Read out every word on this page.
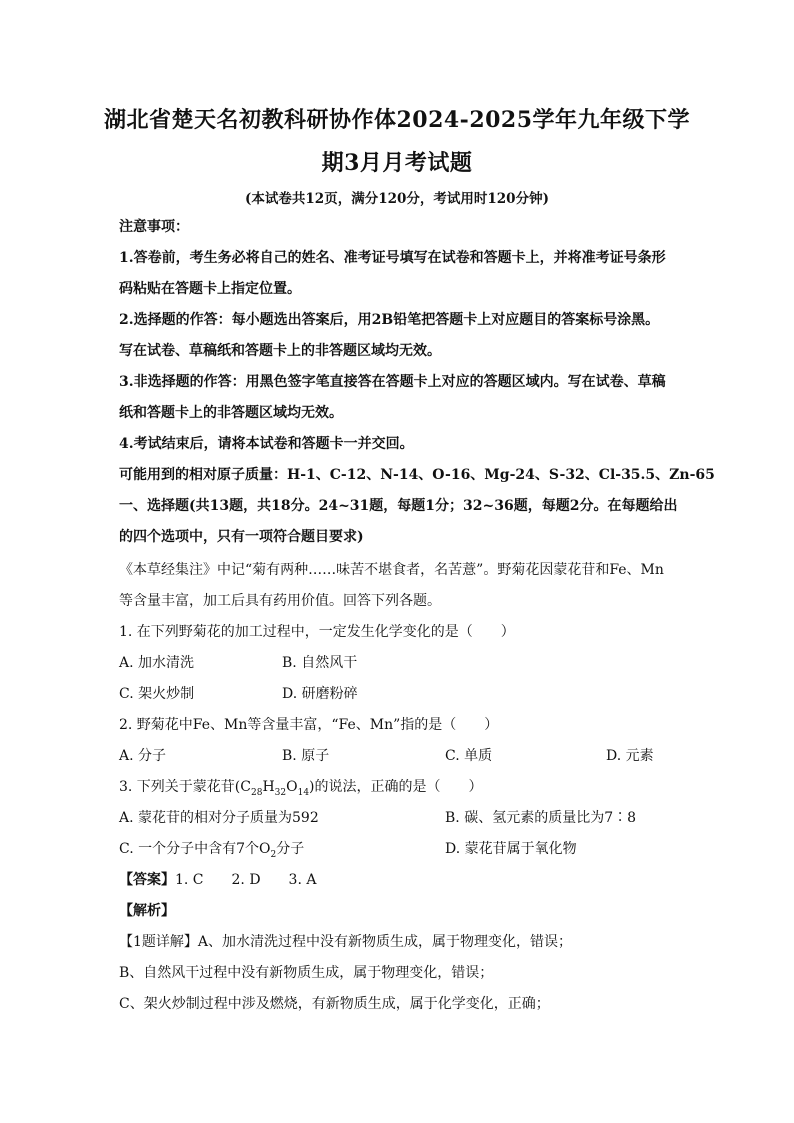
湖北省楚天名初教科研协作体2024-2025学年九年级下学
期3月月考试题
(本试卷共12页，满分120分，考试用时120分钟)
注意事项：
1.答卷前，考生务必将自己的姓名、准考证号填写在试卷和答题卡上，并将准考证号条形
码粘贴在答题卡上指定位置。
2.选择题的作答：每小题选出答案后，用2B铅笔把答题卡上对应题目的答案标号涂黑。
写在试卷、草稿纸和答题卡上的非答题区域均无效。
3.非选择题的作答：用黑色签字笔直接答在答题卡上对应的答题区域内。写在试卷、草稿
纸和答题卡上的非答题区域均无效。
4.考试结束后，请将本试卷和答题卡一并交回。
可能用到的相对原子质量：H-1、C-12、N-14、O-16、Mg-24、S-32、Cl-35.5、Zn-65
一、选择题(共13题，共18分。24~31题，每题1分；32~36题，每题2分。在每题给出
的四个选项中，只有一项符合题目要求)
《本草经集注》中记“菊有两种……味苦不堪食者，名苦薏”。野菊花因蒙花苷和Fe、Mn
等含量丰富，加工后具有药用价值。回答下列各题。
1. 在下列野菊花的加工过程中，一定发生化学变化的是（　　）
A. 加水清洗	B. 自然风干
C. 架火炒制	D. 研磨粉碎
2. 野菊花中Fe、Mn等含量丰富，“Fe、Mn”指的是（　　）
A. 分子	B. 原子	C. 单质	D. 元素
3. 下列关于蒙花苷$(C_{28}H_{32}O_{14})$的说法，正确的是（　　）
A. 蒙花苷的相对分子质量为592	B. 碳、氢元素的质量比为7∶8
C. 一个分子中含有7个$O_2$分子	D. 蒙花苷属于氧化物
【答案】1. C　　2. D　　3. A
【解析】
【1题详解】A、加水清洗过程中没有新物质生成，属于物理变化，错误；
B、自然风干过程中没有新物质生成，属于物理变化，错误；
C、架火炒制过程中涉及燃烧，有新物质生成，属于化学变化，正确；
